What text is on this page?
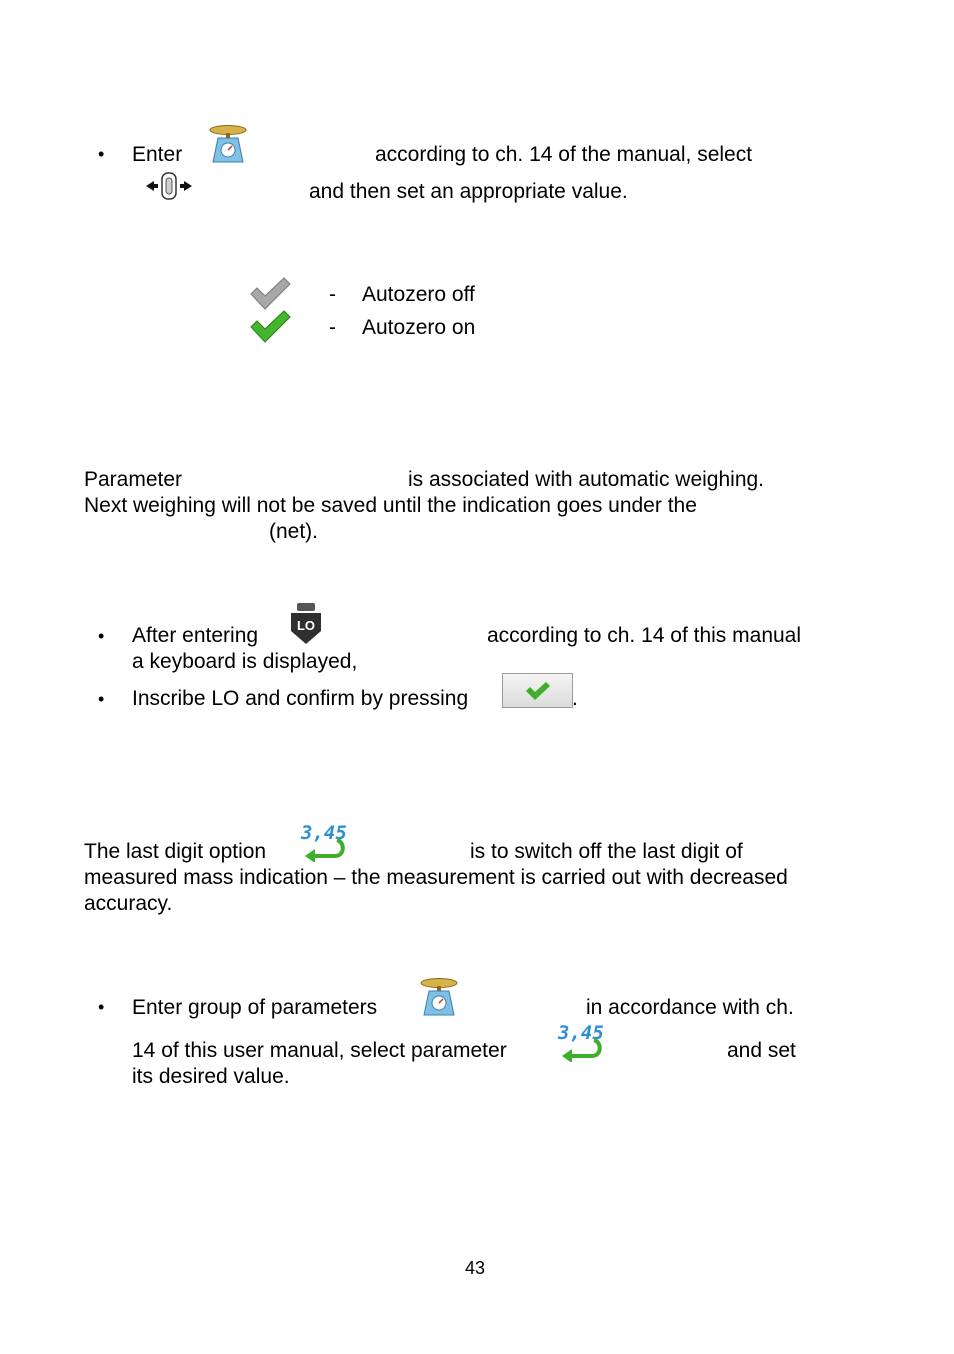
• Enter	according to ch. 14 of the manual, select
and then set an appropriate value.
- Autozero off
- Autozero on
Parameter	is associated with automatic weighing.
Next weighing will not be saved until the indication goes under the
(net).
• After entering	LO	according to ch. 14 of this manual
a keyboard is displayed,
• Inscribe LO and confirm by pressing	.
The last digit option
3,45
is to switch off the last digit of
measured mass indication – the measurement is carried out with decreased
accuracy.
• Enter group of parameters	in accordance with ch.
14 of this user manual, select parameter
3,45
and set
its desired value.
43
